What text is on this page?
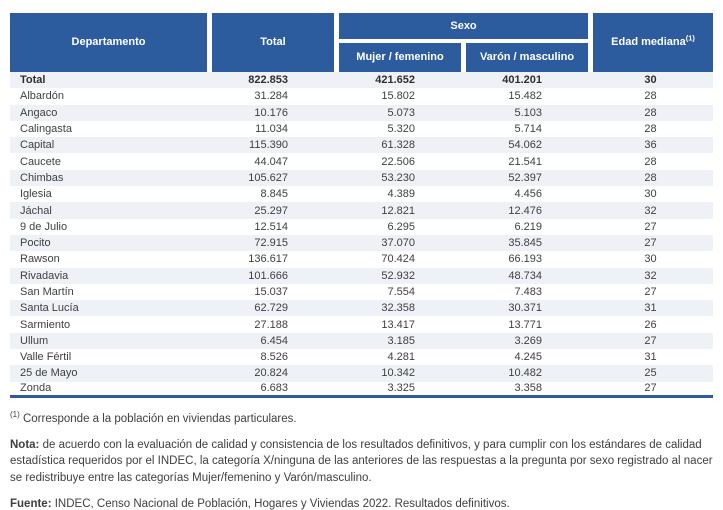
Departamento	Total	Sexo		Edad mediana$^{(1)}$
		Mujer / femenino	Varón / masculino	
Total	822.853	421.652	401.201	30
Albardón	31.284	15.802	15.482	28
Angaco	10.176	5.073	5.103	28
Calingasta	11.034	5.320	5.714	28
Capital	115.390	61.328	54.062	36
Caucete	44.047	22.506	21.541	28
Chimbas	105.627	53.230	52.397	28
Iglesia	8.845	4.389	4.456	30
Jáchal	25.297	12.821	12.476	32
9 de Julio	12.514	6.295	6.219	27
Pocito	72.915	37.070	35.845	27
Rawson	136.617	70.424	66.193	30
Rivadavia	101.666	52.932	48.734	32
San Martín	15.037	7.554	7.483	27
Santa Lucía	62.729	32.358	30.371	31
Sarmiento	27.188	13.417	13.771	26
Ullum	6.454	3.185	3.269	27
Valle Fértil	8.526	4.281	4.245	31
25 de Mayo	20.824	10.342	10.482	25
Zonda	6.683	3.325	3.358	27
$^{(1)}$ Corresponde a la población en viviendas particulares.

Nota: de acuerdo con la evaluación de calidad y consistencia de los resultados definitivos, y para cumplir con los estándares de calidad estadística requeridos por el INDEC, la categoría X/ninguna de las anteriores de las respuestas a la pregunta por sexo registrado al nacer se redistribuye entre las categorías Mujer/femenino y Varón/masculino.

Fuente: INDEC, Censo Nacional de Población, Hogares y Viviendas 2022. Resultados definitivos.
